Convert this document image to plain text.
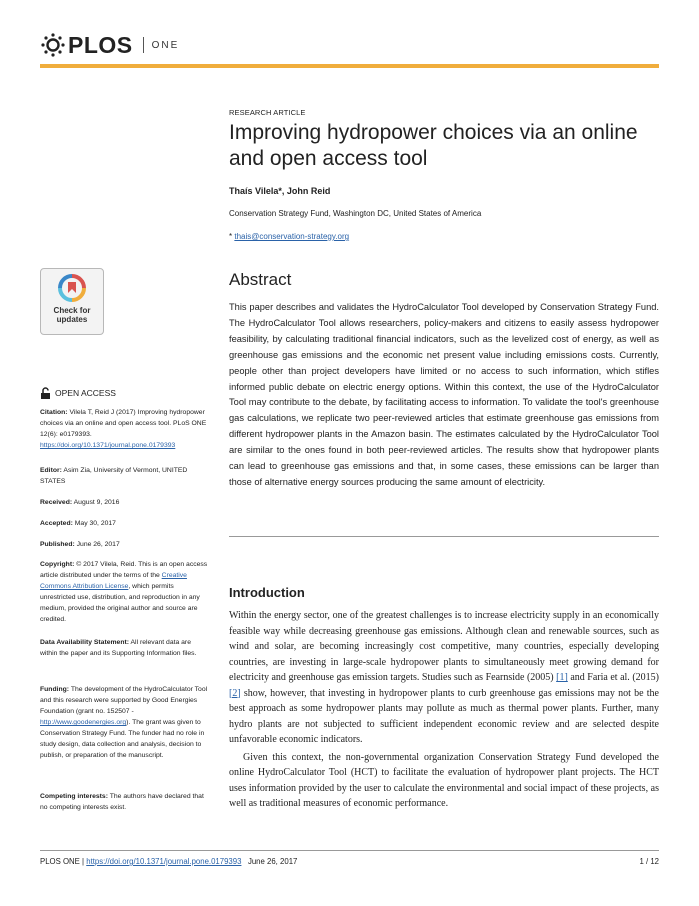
PLOS ONE
RESEARCH ARTICLE
Improving hydropower choices via an online and open access tool
Thaís Vilela*, John Reid
Conservation Strategy Fund, Washington DC, United States of America
* thais@conservation-strategy.org
Abstract
This paper describes and validates the HydroCalculator Tool developed by Conservation Strategy Fund. The HydroCalculator Tool allows researchers, policy-makers and citizens to easily assess hydropower feasibility, by calculating traditional financial indicators, such as the levelized cost of energy, as well as greenhouse gas emissions and the economic net present value including emissions costs. Currently, people other than project developers have limited or no access to such information, which stifles informed public debate on electric energy options. Within this context, the use of the HydroCalculator Tool may contribute to the debate, by facilitating access to information. To validate the tool's greenhouse gas calculations, we replicate two peer-reviewed articles that estimate greenhouse gas emissions from different hydropower plants in the Amazon basin. The estimates calculated by the HydroCalculator Tool are similar to the ones found in both peer-reviewed articles. The results show that hydropower plants can lead to greenhouse gas emissions and that, in some cases, these emissions can be larger than those of alternative energy sources producing the same amount of electricity.
Introduction

Within the energy sector, one of the greatest challenges is to increase electricity supply in an economically feasible way while decreasing greenhouse gas emissions. Although clean and renewable sources, such as wind and solar, are becoming increasingly cost competitive, many countries, especially developing countries, are investing in large-scale hydropower plants to simultaneously meet growing demand for electricity and greenhouse gas emission targets. Studies such as Fearnside (2005) [1] and Faria et al. (2015) [2] show, however, that investing in hydropower plants to curb greenhouse gas emissions may not be the best approach as some hydropower plants may pollute as much as thermal power plants. Further, many hydro plants are not subjected to sufficient independent economic review and are selected despite unfavorable economic indicators.

Given this context, the non-governmental organization Conservation Strategy Fund developed the online HydroCalculator Tool (HCT) to facilitate the evaluation of hydropower plant projects. The HCT uses information provided by the user to calculate the environmental and social impact of these projects, as well as traditional measures of economic performance.

Check for
updates
OPEN ACCESS
Citation: Vilela T, Reid J (2017) Improving hydropower choices via an online and open access tool. PLoS ONE 12(6): e0179393. https://doi.org/10.1371/journal.pone.0179393
Editor: Asim Zia, University of Vermont, UNITED STATES
Received: August 9, 2016
Accepted: May 30, 2017
Published: June 26, 2017
Copyright: © 2017 Vilela, Reid. This is an open access article distributed under the terms of the Creative Commons Attribution License, which permits unrestricted use, distribution, and reproduction in any medium, provided the original author and source are credited.
Data Availability Statement: All relevant data are within the paper and its Supporting Information files.
Funding: The development of the HydroCalculator Tool and this research were supported by Good Energies Foundation (grant no. 152507 - http://www.goodenergies.org). The grant was given to Conservation Strategy Fund. The funder had no role in study design, data collection and analysis, decision to publish, or preparation of the manuscript.
Competing interests: The authors have declared that no competing interests exist.
PLOS ONE | https://doi.org/10.1371/journal.pone.0179393 June 26, 2017	1 / 12
